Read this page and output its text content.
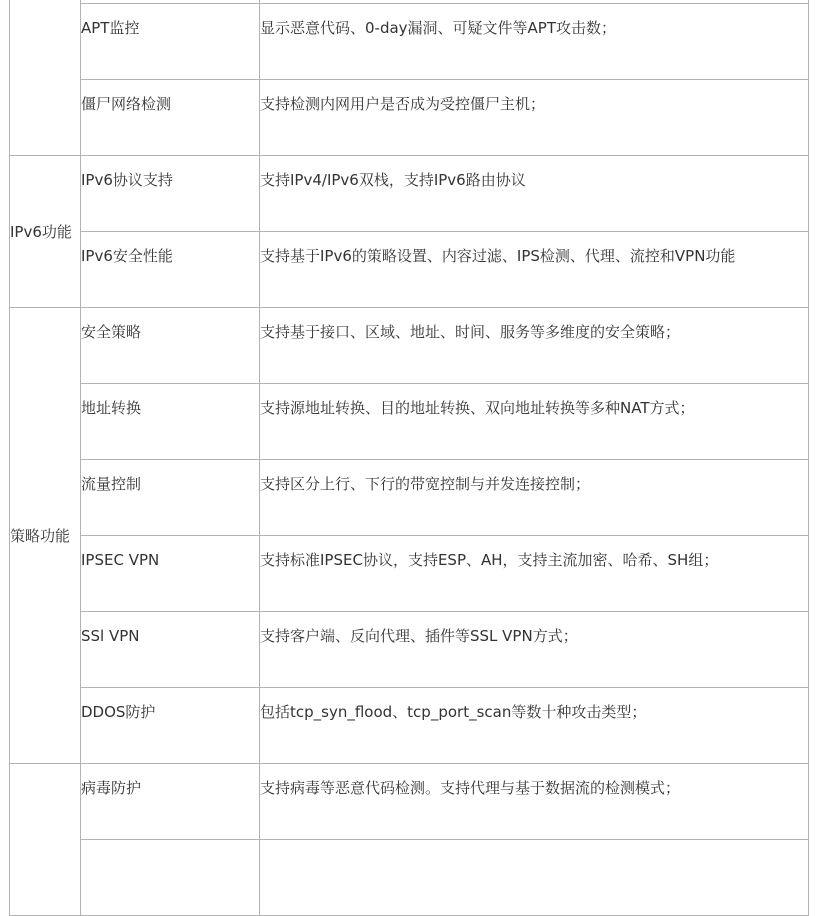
	APT监控	显示恶意代码、0-day漏洞、可疑文件等APT攻击数；

	僵尸网络检测	支持检测内网用户是否成为受控僵尸主机；

IPv6功能	IPv6协议支持	支持IPv4/IPv6双栈，支持IPv6路由协议

	IPv6安全性能	支持基于IPv6的策略设置、内容过滤、IPS检测、代理、流控和VPN功能

策略功能	安全策略	支持基于接口、区域、地址、时间、服务等多维度的安全策略；

	地址转换	支持源地址转换、目的地址转换、双向地址转换等多种NAT方式；

	流量控制	支持区分上行、下行的带宽控制与并发连接控制；

	IPSEC VPN	支持标准IPSEC协议，支持ESP、AH，支持主流加密、哈希、SH组；

	SSl VPN	支持客户端、反向代理、插件等SSL VPN方式；

	DDOS防护	包括tcp_syn_flood、tcp_port_scan等数十种攻击类型；

	病毒防护	支持病毒等恶意代码检测。支持代理与基于数据流的检测模式；
